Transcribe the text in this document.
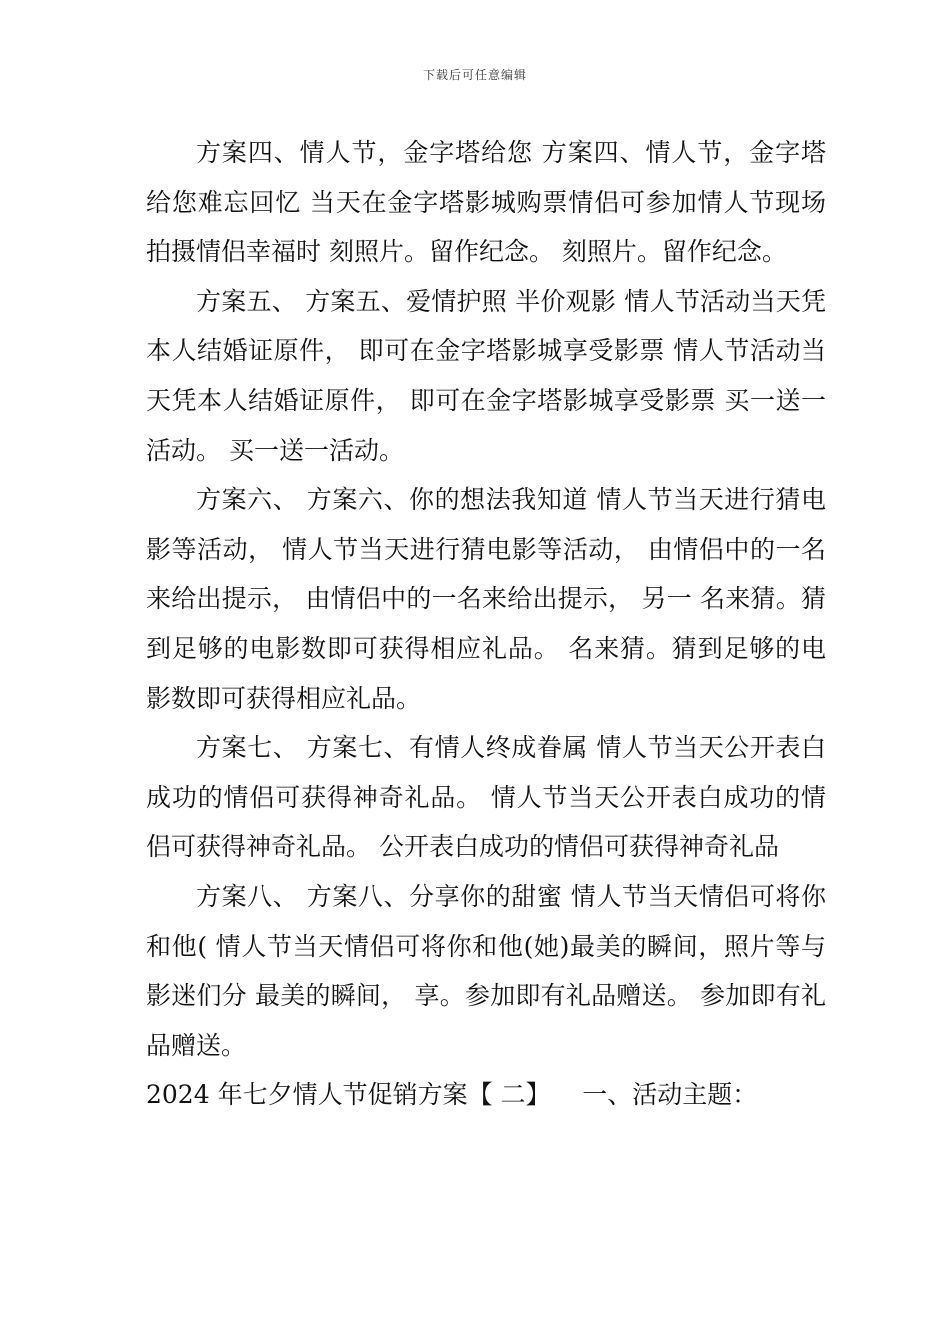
下载后可任意编辑

方案四、情人节，金字塔给您 方案四、情人节，金字塔给您难忘回忆 当天在金字塔影城购票情侣可参加情人节现场拍摄情侣幸福时 刻照片。留作纪念。 刻照片。留作纪念。

方案五、 方案五、爱情护照 半价观影 情人节活动当天凭本人结婚证原件， 即可在金字塔影城享受影票 情人节活动当天凭本人结婚证原件， 即可在金字塔影城享受影票 买一送一活动。 买一送一活动。

方案六、 方案六、你的想法我知道 情人节当天进行猜电影等活动， 情人节当天进行猜电影等活动， 由情侣中的一名来给出提示， 由情侣中的一名来给出提示， 另一 名来猜。猜到足够的电影数即可获得相应礼品。 名来猜。猜到足够的电影数即可获得相应礼品。

方案七、 方案七、有情人终成眷属 情人节当天公开表白成功的情侣可获得神奇礼品。 情人节当天公开表白成功的情侣可获得神奇礼品。 公开表白成功的情侣可获得神奇礼品

方案八、 方案八、分享你的甜蜜 情人节当天情侣可将你和他( 情人节当天情侣可将你和他(她)最美的瞬间，照片等与影迷们分 最美的瞬间， 享。参加即有礼品赠送。 参加即有礼品赠送。

2024 年七夕情人节促销方案【 二】    一、活动主题：
